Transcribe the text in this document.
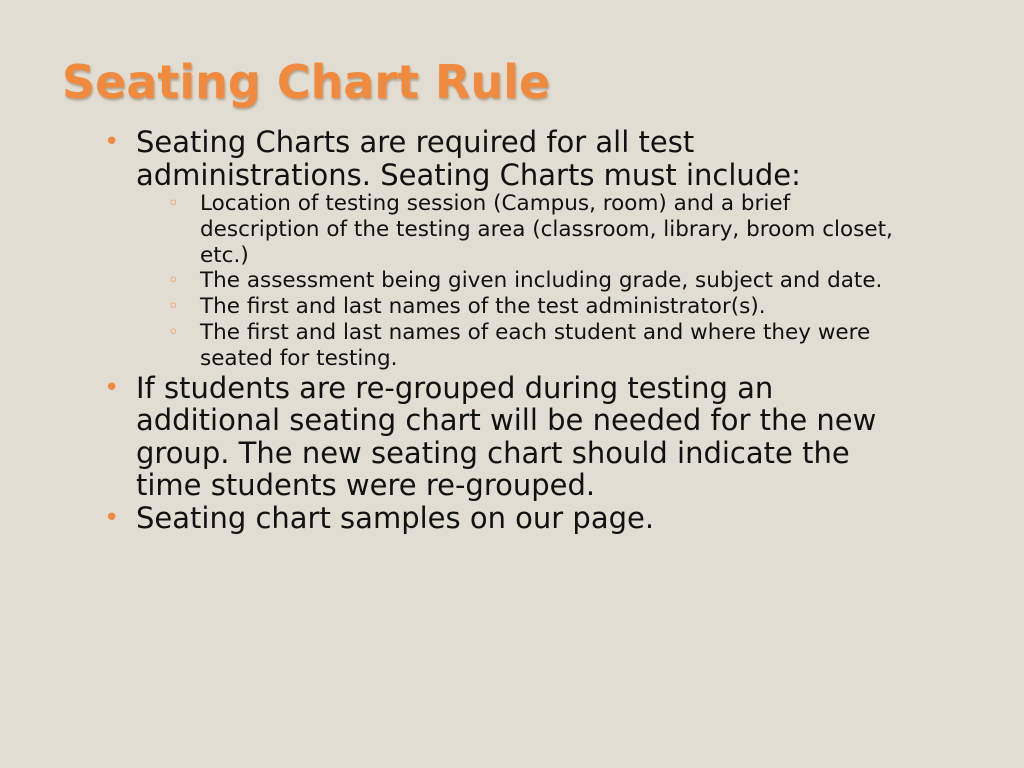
Seating Chart Rule
• Seating Charts are required for all test administrations. Seating Charts must include:
◦ Location of testing session (Campus, room) and a brief description of the testing area (classroom, library, broom closet, etc.)
◦ The assessment being given including grade, subject and date.
◦ The first and last names of the test administrator(s).
◦ The first and last names of each student and where they were seated for testing.
• If students are re-grouped during testing an additional seating chart will be needed for the new group. The new seating chart should indicate the time students were re-grouped.
• Seating chart samples on our page.
